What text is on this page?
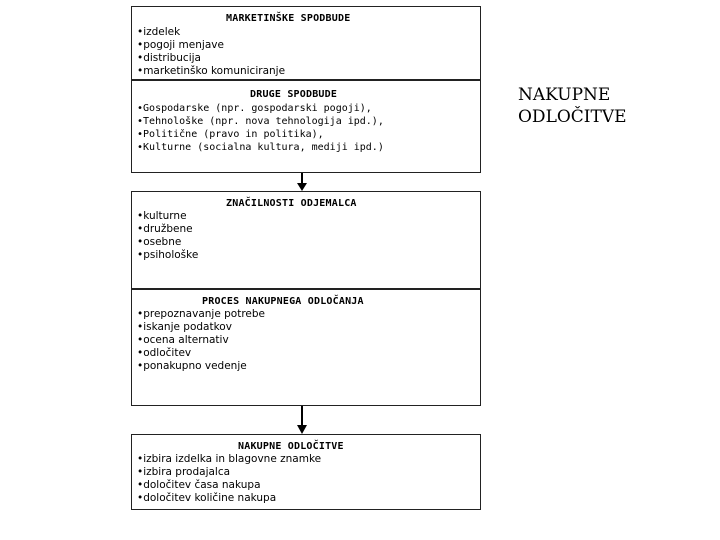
MARKETINŠKE SPODBUDE
• izdelek
• pogoji menjave
• distribucija
• marketinško komuniciranje
DRUGE SPODBUDE
• Gospodarske (npr. gospodarski pogoji),
• Tehnološke (npr. nova tehnologija ipd.),
• Politične (pravo in politika),
• Kulturne (socialna kultura, mediji ipd.)
ZNAČILNOSTI ODJEMALCA
• kulturne
• družbene
• osebne
• psihološke
PROCES NAKUPNEGA ODLOČANJA
• prepoznavanje potrebe
• iskanje podatkov
• ocena alternativ
• odločitev
• ponakupno vedenje
NAKUPNE ODLOČITVE
• izbira izdelka in blagovne znamke
• izbira prodajalca
• določitev časa nakupa
• določitev količine nakupa
NAKUPNE
ODLOČITVE
